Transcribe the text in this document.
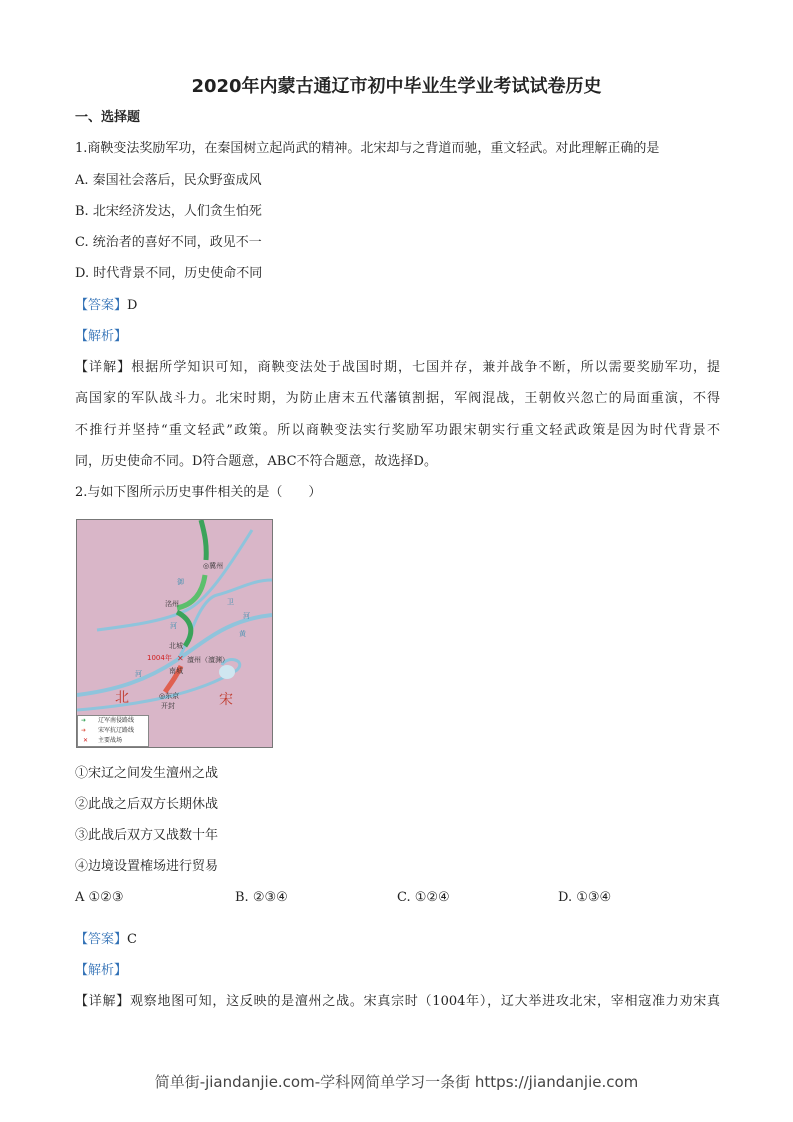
2020年内蒙古通辽市初中毕业生学业考试试卷历史
一、选择题
1.商鞅变法奖励军功，在秦国树立起尚武的精神。北宋却与之背道而驰，重文轻武。对此理解正确的是
A. 秦国社会落后，民众野蛮成风
B. 北宋经济发达，人们贪生怕死
C. 统治者的喜好不同，政见不一
D. 时代背景不同，历史使命不同
【答案】D
【解析】
【详解】根据所学知识可知，商鞅变法处于战国时期，七国并存，兼并战争不断，所以需要奖励军功，提
高国家的军队战斗力。北宋时期，为防止唐末五代藩镇割据，军阀混战，王朝攸兴忽亡的局面重演，不得
不推行并坚持“重文轻武”政策。所以商鞅变法实行奖励军功跟宋朝实行重文轻武政策是因为时代背景不
同，历史使命不同。D符合题意，ABC不符合题意，故选择D。
2.与如下图所示历史事件相关的是（　　）
✕
◎冀州
洺州
北城
1004年 澶州（澶渊）
南城
◎东京
开封
御
河
卫
河
黄
河
北	宋
➜ 辽军南侵路线
➜ 宋军抗辽路线
✕ 主要战场
①宋辽之间发生澶州之战
②此战之后双方长期休战
③此战后双方又战数十年
④边境设置榷场进行贸易
A ①②③	B. ②③④	C. ①②④	D. ①③④
【答案】C
【解析】
【详解】观察地图可知，这反映的是澶州之战。宋真宗时（1004年），辽大举进攻北宋，宰相寇准力劝宋真
简单街-jiandanjie.com-学科网简单学习一条街 https://jiandanjie.com
